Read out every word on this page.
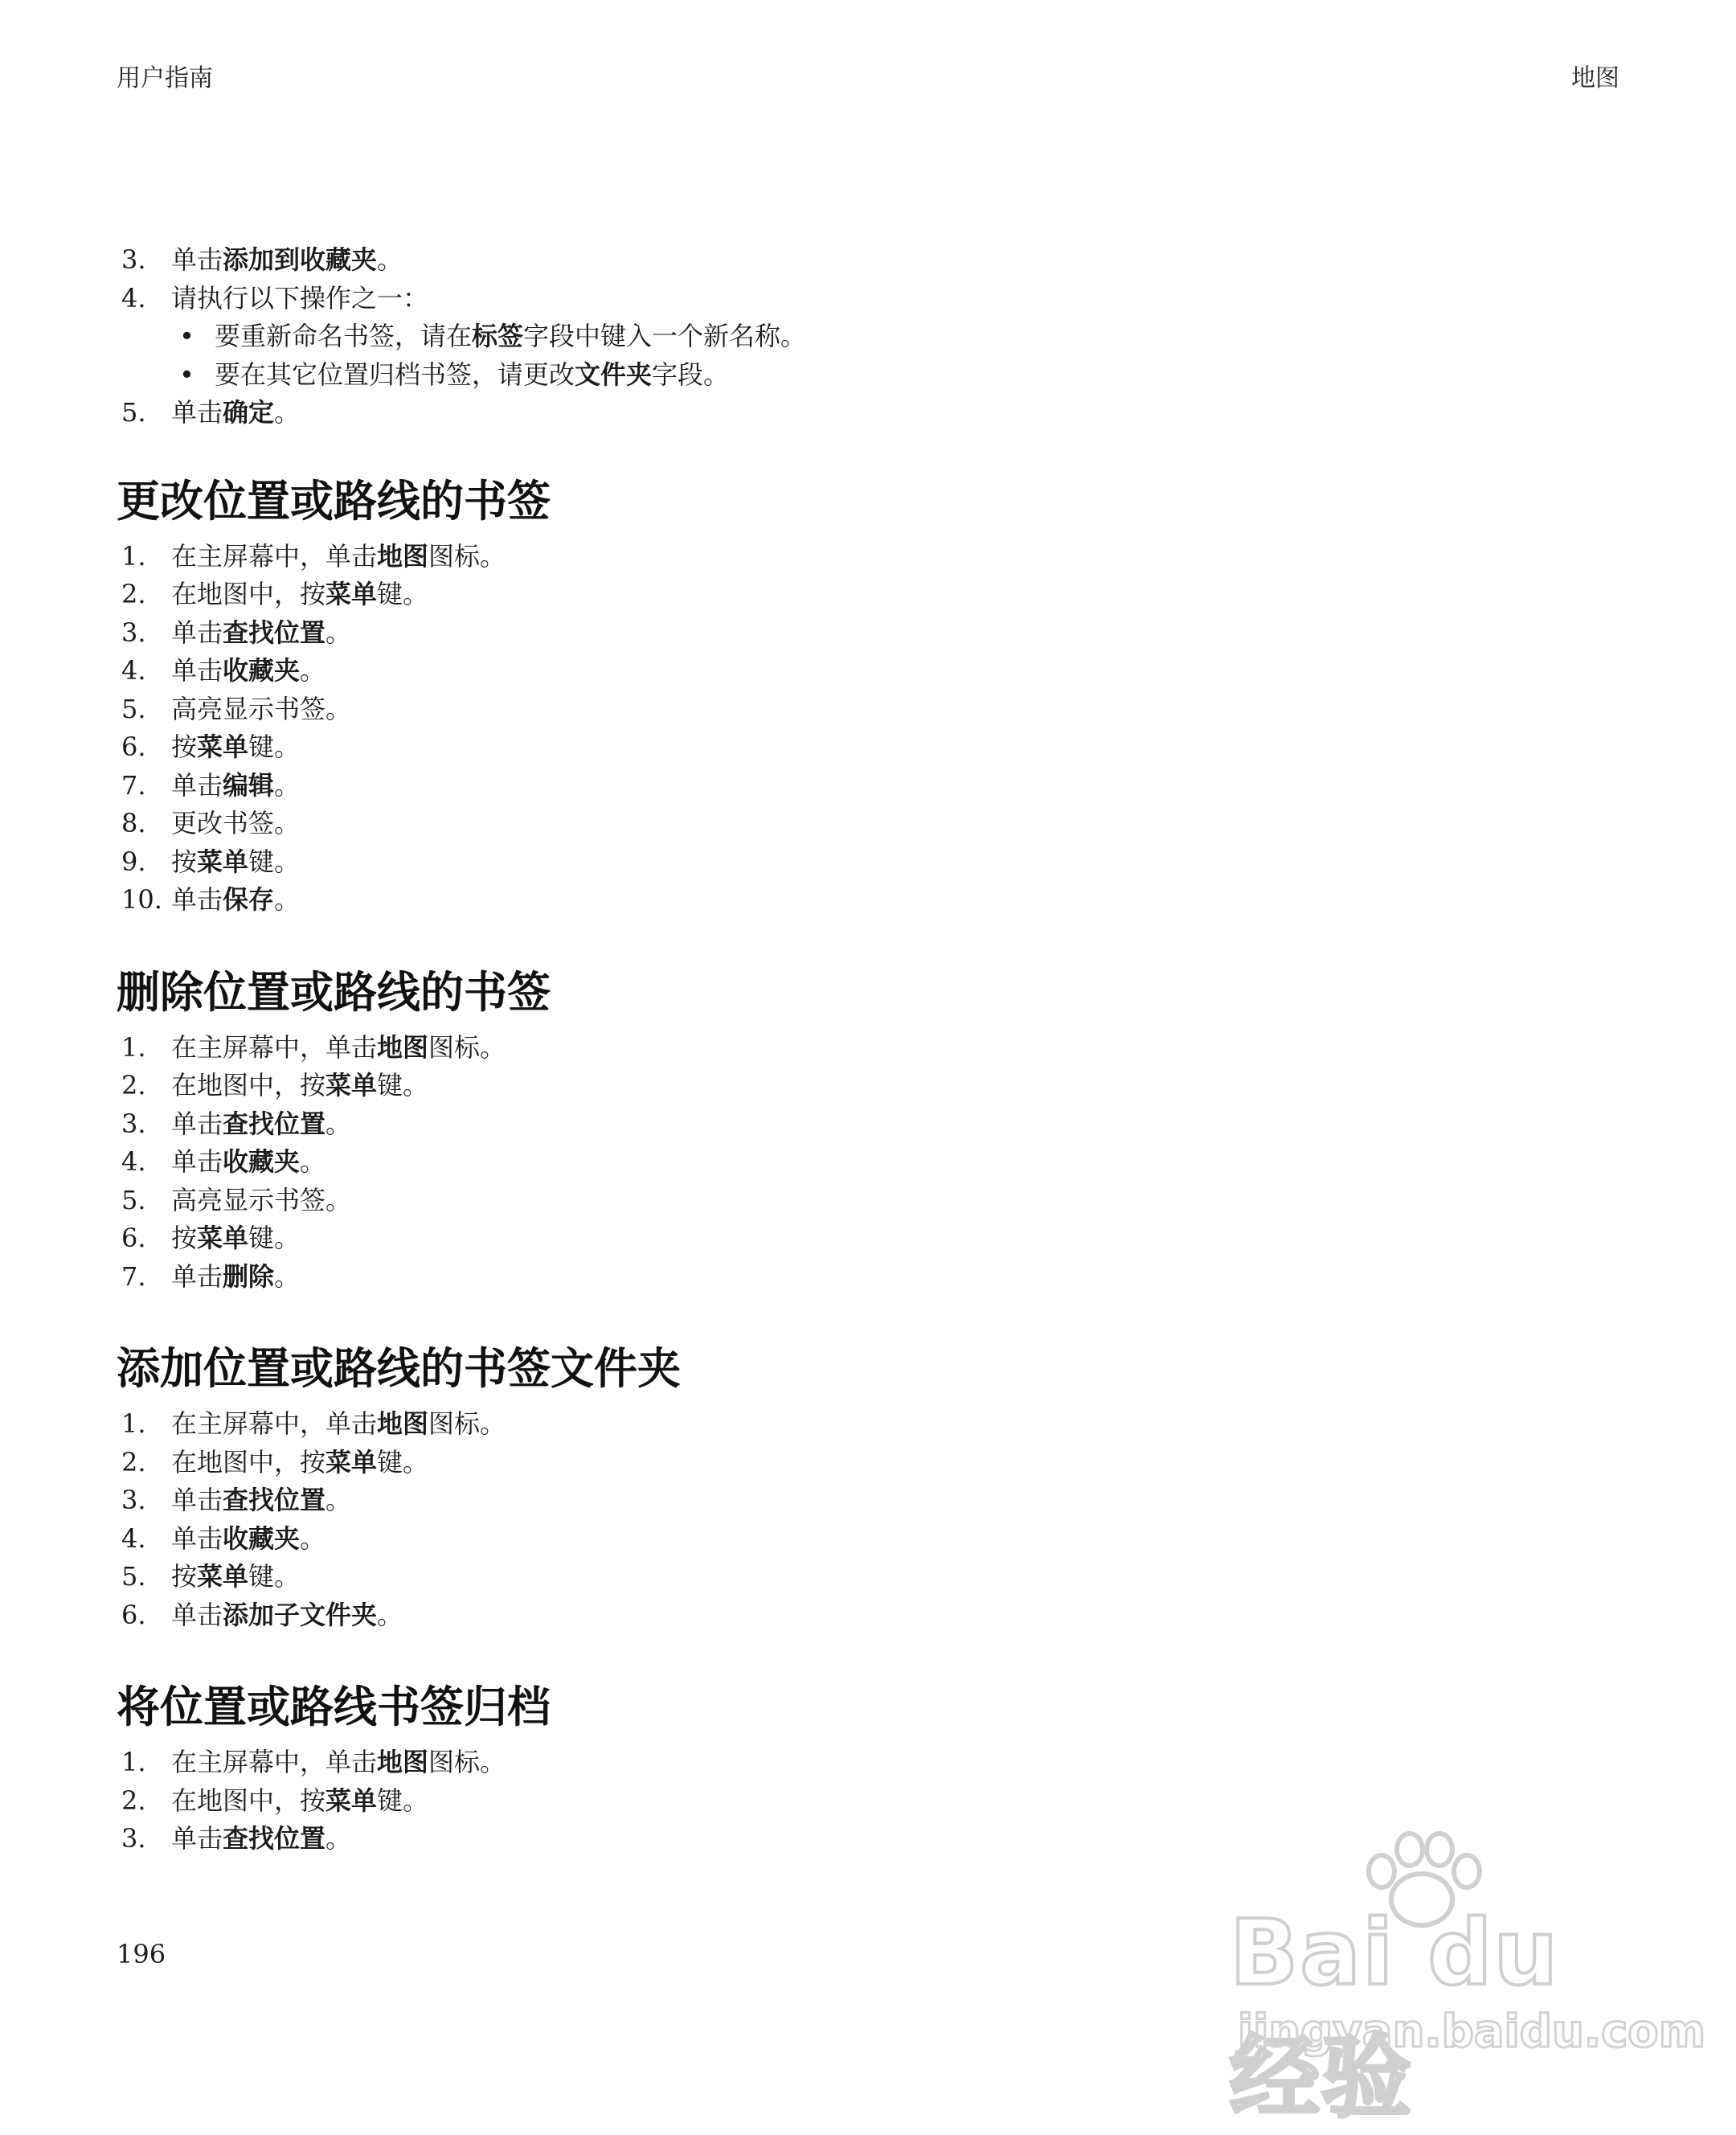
用户指南	地图
3. 单击添加到收藏夹。
4. 请执行以下操作之一：
• 要重新命名书签，请在标签字段中键入一个新名称。
• 要在其它位置归档书签，请更改文件夹字段。
5. 单击确定。
更改位置或路线的书签
1. 在主屏幕中，单击地图图标。
2. 在地图中，按菜单键。
3. 单击查找位置。
4. 单击收藏夹。
5. 高亮显示书签。
6. 按菜单键。
7. 单击编辑。
8. 更改书签。
9. 按菜单键。
10. 单击保存。
删除位置或路线的书签
1. 在主屏幕中，单击地图图标。
2. 在地图中，按菜单键。
3. 单击查找位置。
4. 单击收藏夹。
5. 高亮显示书签。
6. 按菜单键。
7. 单击删除。
添加位置或路线的书签文件夹
1. 在主屏幕中，单击地图图标。
2. 在地图中，按菜单键。
3. 单击查找位置。
4. 单击收藏夹。
5. 按菜单键。
6. 单击添加子文件夹。
将位置或路线书签归档
1. 在主屏幕中，单击地图图标。
2. 在地图中，按菜单键。
3. 单击查找位置。
196	Bai du 经验
jingyan.baidu.com
